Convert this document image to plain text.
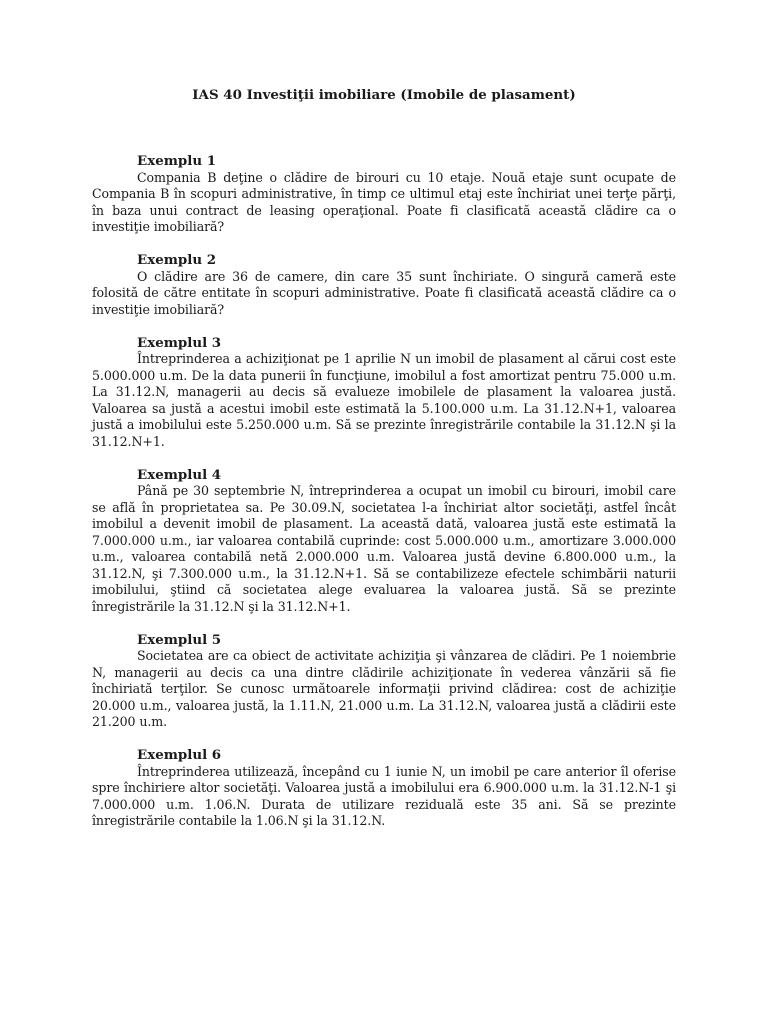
IAS 40 Investiţii imobiliare (Imobile de plasament)

Exemplu 1

Compania B deţine o clădire de birouri cu 10 etaje. Nouă etaje sunt ocupate de Compania B în scopuri administrative, în timp ce ultimul etaj este închiriat unei terţe părţi, în baza unui contract de leasing operaţional. Poate fi clasificată această clădire ca o investiţie imobiliară?

Exemplu 2

O clădire are 36 de camere, din care 35 sunt închiriate. O singură cameră este folosită de către entitate în scopuri administrative. Poate fi clasificată această clădire ca o investiţie imobiliară?

Exemplul 3

Întreprinderea a achiziţionat pe 1 aprilie N un imobil de plasament al cărui cost este 5.000.000 u.m. De la data punerii în funcţiune, imobilul a fost amortizat pentru 75.000 u.m. La 31.12.N, managerii au decis să evalueze imobilele de plasament la valoarea justă. Valoarea sa justă a acestui imobil este estimată la 5.100.000 u.m. La 31.12.N+1, valoarea justă a imobilului este 5.250.000 u.m. Să se prezinte înregistrările contabile la 31.12.N şi la 31.12.N+1.

Exemplul 4

Până pe 30 septembrie N, întreprinderea a ocupat un imobil cu birouri, imobil care se află în proprietatea sa. Pe 30.09.N, societatea l-a închiriat altor societăţi, astfel încât imobilul a devenit imobil de plasament. La această dată, valoarea justă este estimată la 7.000.000 u.m., iar valoarea contabilă cuprinde: cost 5.000.000 u.m., amortizare 3.000.000 u.m., valoarea contabilă netă 2.000.000 u.m. Valoarea justă devine 6.800.000 u.m., la 31.12.N, şi 7.300.000 u.m., la 31.12.N+1. Să se contabilizeze efectele schimbării naturii imobilului, ştiind că societatea alege evaluarea la valoarea justă. Să se prezinte înregistrările la 31.12.N şi la 31.12.N+1.

Exemplul 5

Societatea are ca obiect de activitate achiziţia şi vânzarea de clădiri. Pe 1 noiembrie N, managerii au decis ca una dintre clădirile achiziţionate în vederea vânzării să fie închiriată terţilor. Se cunosc următoarele informaţii privind clădirea: cost de achiziţie 20.000 u.m., valoarea justă, la 1.11.N, 21.000 u.m. La 31.12.N, valoarea justă a clădirii este 21.200 u.m.

Exemplul 6

Întreprinderea utilizează, începând cu 1 iunie N, un imobil pe care anterior îl oferise spre închiriere altor societăţi. Valoarea justă a imobilului era 6.900.000 u.m. la 31.12.N-1 şi 7.000.000 u.m. 1.06.N. Durata de utilizare reziduală este 35 ani. Să se prezinte înregistrările contabile la 1.06.N şi la 31.12.N.
